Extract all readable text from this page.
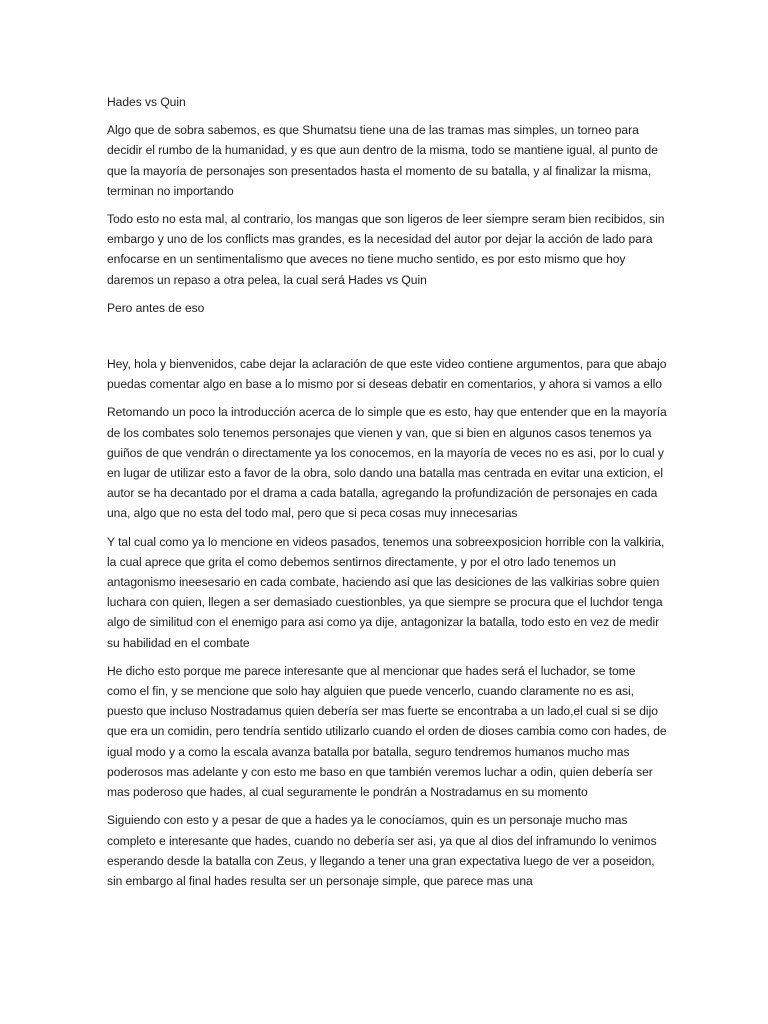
Hades vs Quin

Algo que de sobra sabemos, es que Shumatsu tiene una de las tramas mas simples, un torneo para decidir el rumbo de la humanidad, y es que aun dentro de la misma, todo se mantiene igual, al punto de que la mayoría de personajes son presentados hasta el momento de su batalla, y al finalizar la misma, terminan no importando

Todo esto no esta mal, al contrario, los mangas que son ligeros de leer siempre seram bien recibidos, sin embargo y uno de los conflicts mas grandes, es la necesidad del autor por dejar la acción de lado para enfocarse en un sentimentalismo que aveces no tiene mucho sentido, es por esto mismo que hoy daremos un repaso a otra pelea, la cual será Hades vs Quin

Pero antes de eso

Hey, hola y bienvenidos, cabe dejar la aclaración de que este video contiene argumentos, para que abajo puedas comentar algo en base a lo mismo por si deseas debatir en comentarios, y ahora si vamos a ello

Retomando un poco la introducción acerca de lo simple que es esto, hay que entender que en la mayoría de los combates solo tenemos personajes que vienen y van, que si bien en algunos casos tenemos ya guiños de que vendrán o directamente ya los conocemos, en la mayoría de veces no es asi, por lo cual y en lugar de utilizar esto a favor de la obra, solo dando una batalla mas centrada en evitar una exticion, el autor se ha decantado por el drama a cada batalla, agregando la profundización de personajes en cada una, algo que no esta del todo mal, pero que si peca cosas muy innecesarias

Y tal cual como ya lo mencione en videos pasados, tenemos una sobreexposicion horrible con la valkiria, la cual aprece que grita el como debemos sentirnos directamente, y por el otro lado tenemos un antagonismo ineesesario en cada combate, haciendo asi que las desiciones de las valkirias sobre quien luchara con quien, llegen a ser demasiado cuestionbles, ya que siempre se procura que el luchdor tenga algo de similitud con el enemigo para asi como ya dije, antagonizar la batalla, todo esto en vez de medir su habilidad en el combate

He dicho esto porque me parece interesante que al mencionar que hades será el luchador, se tome como el fin, y se mencione que solo hay alguien que puede vencerlo, cuando claramente no es asi, puesto que incluso Nostradamus quien debería ser mas fuerte se encontraba a un lado,el cual si se dijo que era un comidin, pero tendría sentido utilizarlo cuando el orden de dioses cambia como con hades, de igual modo y a como la escala avanza batalla por batalla, seguro tendremos humanos mucho mas poderosos mas adelante y con esto me baso en que también veremos luchar a odin, quien debería ser mas poderoso que hades, al cual seguramente le pondrán a Nostradamus en su momento

Siguiendo con esto y a pesar de que a hades ya le conocíamos, quin es un personaje mucho mas completo e interesante que hades, cuando no debería ser asi, ya que al dios del inframundo lo venimos esperando desde la batalla con Zeus, y llegando a tener una gran expectativa luego de ver a poseidon, sin embargo al final hades resulta ser un personaje simple, que parece mas una
